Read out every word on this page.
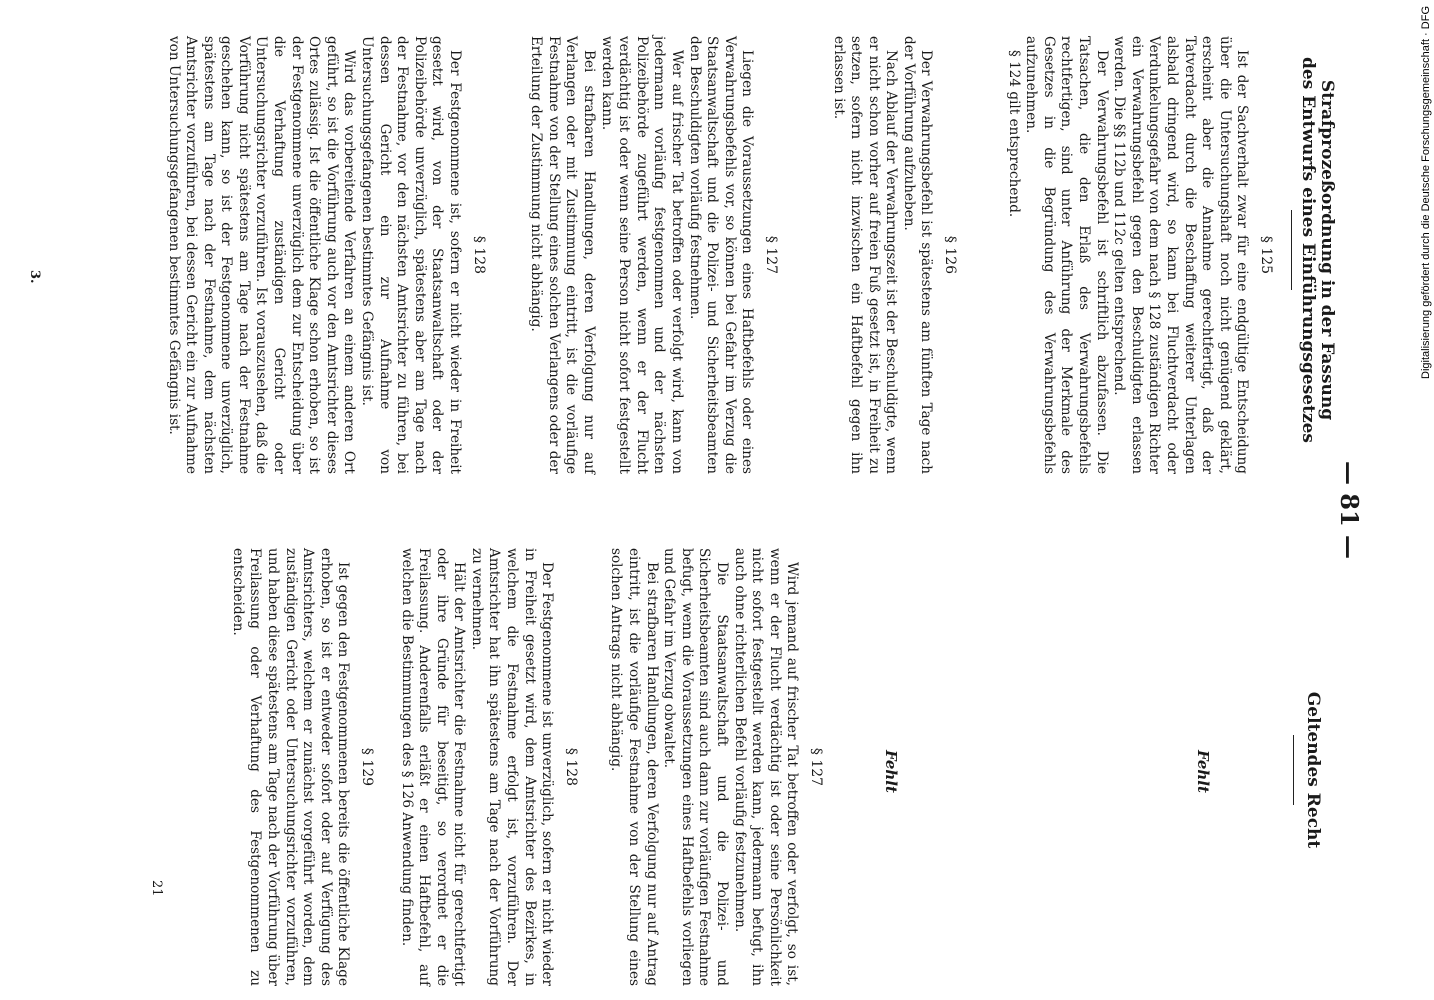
— 81 —
Strafprozeßordnung in der Fassung
des Entwurfs eines Einführungsgesetzes
Geltendes Recht
§ 125

Ist der Sachverhalt zwar für eine endgültige Entscheidung über die Untersuchungshaft noch nicht genügend geklärt, erscheint aber die Annahme gerechtfertigt, daß der Tatverdacht durch die Beschaffung weiterer Unterlagen alsbald dringend wird, so kann bei Fluchtverdacht oder Verdunkelungsgefahr von dem nach § 128 zuständigen Richter ein Verwahrungsbefehl gegen den Beschuldigten erlassen werden. Die §§ 112b und 112c gelten entsprechend.

Der Verwahrungsbefehl ist schriftlich abzufassen. Die Tatsachen, die den Erlaß des Verwahrungsbefehls rechtfertigen, sind unter Anführung der Merkmale des Gesetzes in die Begründung des Verwahrungsbefehls aufzunehmen.

§ 124 gilt entsprechend.

§ 126

Der Verwahrungsbefehl ist spätestens am fünften Tage nach der Vorführung aufzuheben.

Nach Ablauf der Verwahrungszeit ist der Beschuldigte, wenn er nicht schon vorher auf freien Fuß gesetzt ist, in Freiheit zu setzen, sofern nicht inzwischen ein Haftbefehl gegen ihn erlassen ist.

§ 127

Liegen die Voraussetzungen eines Haftbefehls oder eines Verwahrungsbefehls vor, so können bei Gefahr im Verzug die Staatsanwaltschaft und die Polizei- und Sicherheitsbeamten den Beschuldigten vorläufig festnehmen.

Wer auf frischer Tat betroffen oder verfolgt wird, kann von jedermann vorläufig festgenommen und der nächsten Polizeibehörde zugeführt werden, wenn er der Flucht verdächtig ist oder wenn seine Person nicht sofort festgestellt werden kann.

Bei strafbaren Handlungen, deren Verfolgung nur auf Verlangen oder mit Zustimmung eintritt, ist die vorläufige Festnahme von der Stellung eines solchen Verlangens oder der Erteilung der Zustimmung nicht abhängig.

§ 128

Der Festgenommene ist, sofern er nicht wieder in Freiheit gesetzt wird, von der Staatsanwaltschaft oder der Polizeibehörde unverzüglich, spätestens aber am Tage nach der Festnahme, vor den nächsten Amtsrichter zu führen, bei dessen Gericht ein zur Aufnahme von Untersuchungsgefangenen bestimmtes Gefängnis ist.

Wird das vorbereitende Verfahren an einem anderen Ort geführt, so ist die Vorführung auch vor den Amtsrichter dieses Ortes zulässig. Ist die öffentliche Klage schon erhoben, so ist der Festgenommene unverzüglich dem zur Entscheidung über die Verhaftung zuständigen Gericht oder Untersuchungsrichter vorzuführen. Ist vorauszusehen, daß die Vorführung nicht spätestens am Tage nach der Festnahme geschehen kann, so ist der Festgenommene unverzüglich, spätestens am Tage nach der Festnahme, dem nächsten Amtsrichter vorzuführen, bei dessen Gericht ein zur Aufnahme von Untersuchungsgefangenen bestimmtes Gefängnis ist.

Fehlt
Fehlt
§ 127

Wird jemand auf frischer Tat betroffen oder verfolgt, so ist, wenn er der Flucht verdächtig ist oder seine Persönlichkeit nicht sofort festgestellt werden kann, jedermann befugt, ihn auch ohne richterlichen Befehl vorläufig festzunehmen.

Die Staatsanwaltschaft und die Polizei- und Sicherheitsbeamten sind auch dann zur vorläufigen Festnahme befugt, wenn die Voraussetzungen eines Haftbefehls vorliegen und Gefahr im Verzug obwaltet.

Bei strafbaren Handlungen, deren Verfolgung nur auf Antrag eintritt, ist die vorläufige Festnahme von der Stellung eines solchen Antrags nicht abhängig.

§ 128

Der Festgenommene ist unverzüglich, sofern er nicht wieder in Freiheit gesetzt wird, dem Amtsrichter des Bezirkes, in welchem die Festnahme erfolgt ist, vorzuführen. Der Amtsrichter hat ihn spätestens am Tage nach der Vorführung zu vernehmen.

Hält der Amtsrichter die Festnahme nicht für gerechtfertigt oder ihre Gründe für beseitigt, so verordnet er die Freilassung. Anderenfalls erläßt er einen Haftbefehl, auf welchen die Bestimmungen des § 126 Anwendung finden.

§ 129

Ist gegen den Festgenommenen bereits die öffentliche Klage erhoben, so ist er entweder sofort oder auf Verfügung des Amtsrichters, welchem er zunächst vorgeführt worden, dem zuständigen Gericht oder Untersuchungsrichter vorzuführen, und haben diese spätestens am Tage nach der Vorführung über Freilassung oder Verhaftung des Festgenommenen zu entscheiden.

3.
21
Digitalisierung gefördert durch die Deutsche Forschungsgemeinschaft · DFG
